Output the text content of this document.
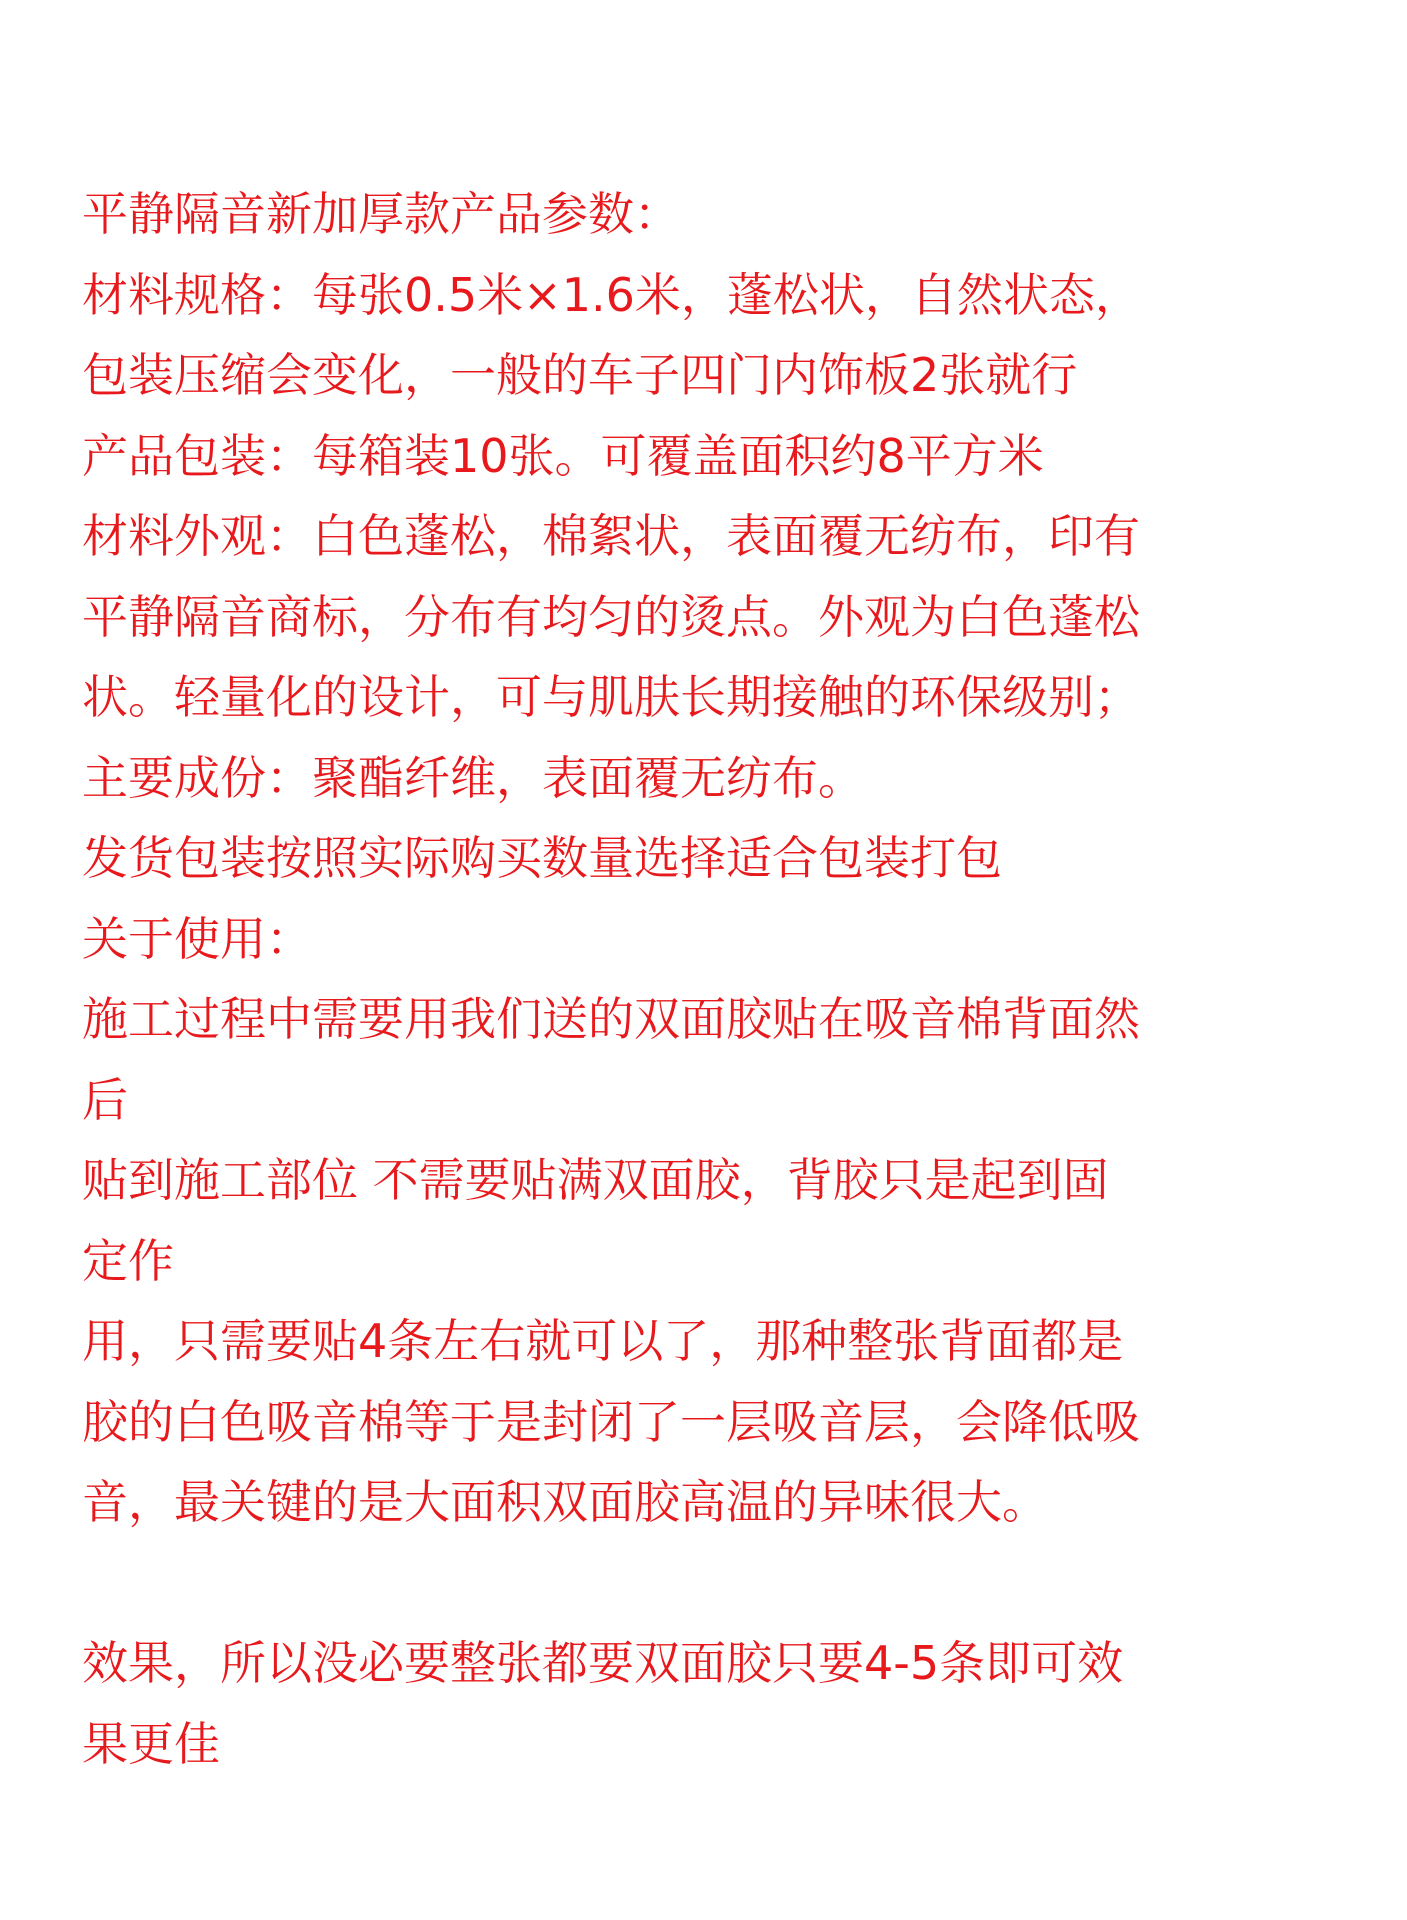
平静隔音新加厚款产品参数：
材料规格：每张0.5米×1.6米，蓬松状，自然状态，
包装压缩会变化，一般的车子四门内饰板2张就行
产品包装：每箱装10张。可覆盖面积约8平方米
材料外观：白色蓬松，棉絮状，表面覆无纺布，印有
平静隔音商标，分布有均匀的烫点。外观为白色蓬松
状。轻量化的设计，可与肌肤长期接触的环保级别；
主要成份：聚酯纤维，表面覆无纺布。
发货包装按照实际购买数量选择适合包装打包
关于使用：
施工过程中需要用我们送的双面胶贴在吸音棉背面然
后
贴到施工部位 不需要贴满双面胶，背胶只是起到固
定作
用，只需要贴4条左右就可以了，那种整张背面都是
胶的白色吸音棉等于是封闭了一层吸音层，会降低吸
音，最关键的是大面积双面胶高温的异味很大。
效果，所以没必要整张都要双面胶只要4-5条即可效
果更佳
